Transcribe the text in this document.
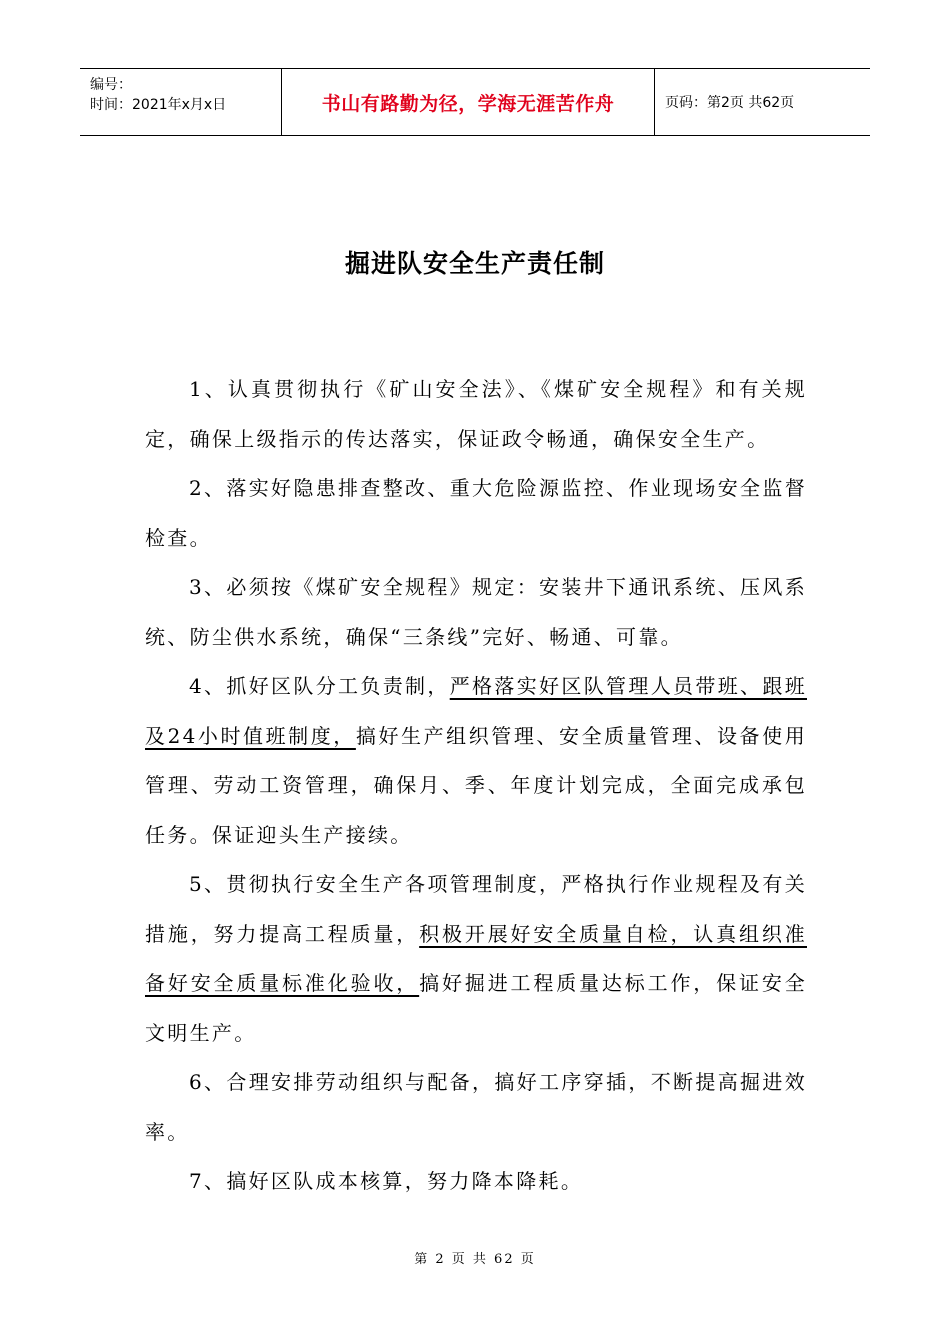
编号：
时间：2021年x月x日	书山有路勤为径，学海无涯苦作舟	页码：第2页 共62页
掘进队安全生产责任制

1、认真贯彻执行《矿山安全法》、《煤矿安全规程》和有关规定，确保上级指示的传达落实，保证政令畅通，确保安全生产。

2、落实好隐患排查整改、重大危险源监控、作业现场安全监督检查。

3、必须按《煤矿安全规程》规定：安装井下通讯系统、压风系统、防尘供水系统，确保“三条线”完好、畅通、可靠。

4、抓好区队分工负责制，严格落实好区队管理人员带班、跟班及24小时值班制度，搞好生产组织管理、安全质量管理、设备使用管理、劳动工资管理，确保月、季、年度计划完成，全面完成承包任务。保证迎头生产接续。

5、贯彻执行安全生产各项管理制度，严格执行作业规程及有关措施，努力提高工程质量，积极开展好安全质量自检，认真组织准备好安全质量标准化验收，搞好掘进工程质量达标工作，保证安全文明生产。

6、合理安排劳动组织与配备，搞好工序穿插，不断提高掘进效率。

7、搞好区队成本核算，努力降本降耗。

第 2 页 共 62 页
